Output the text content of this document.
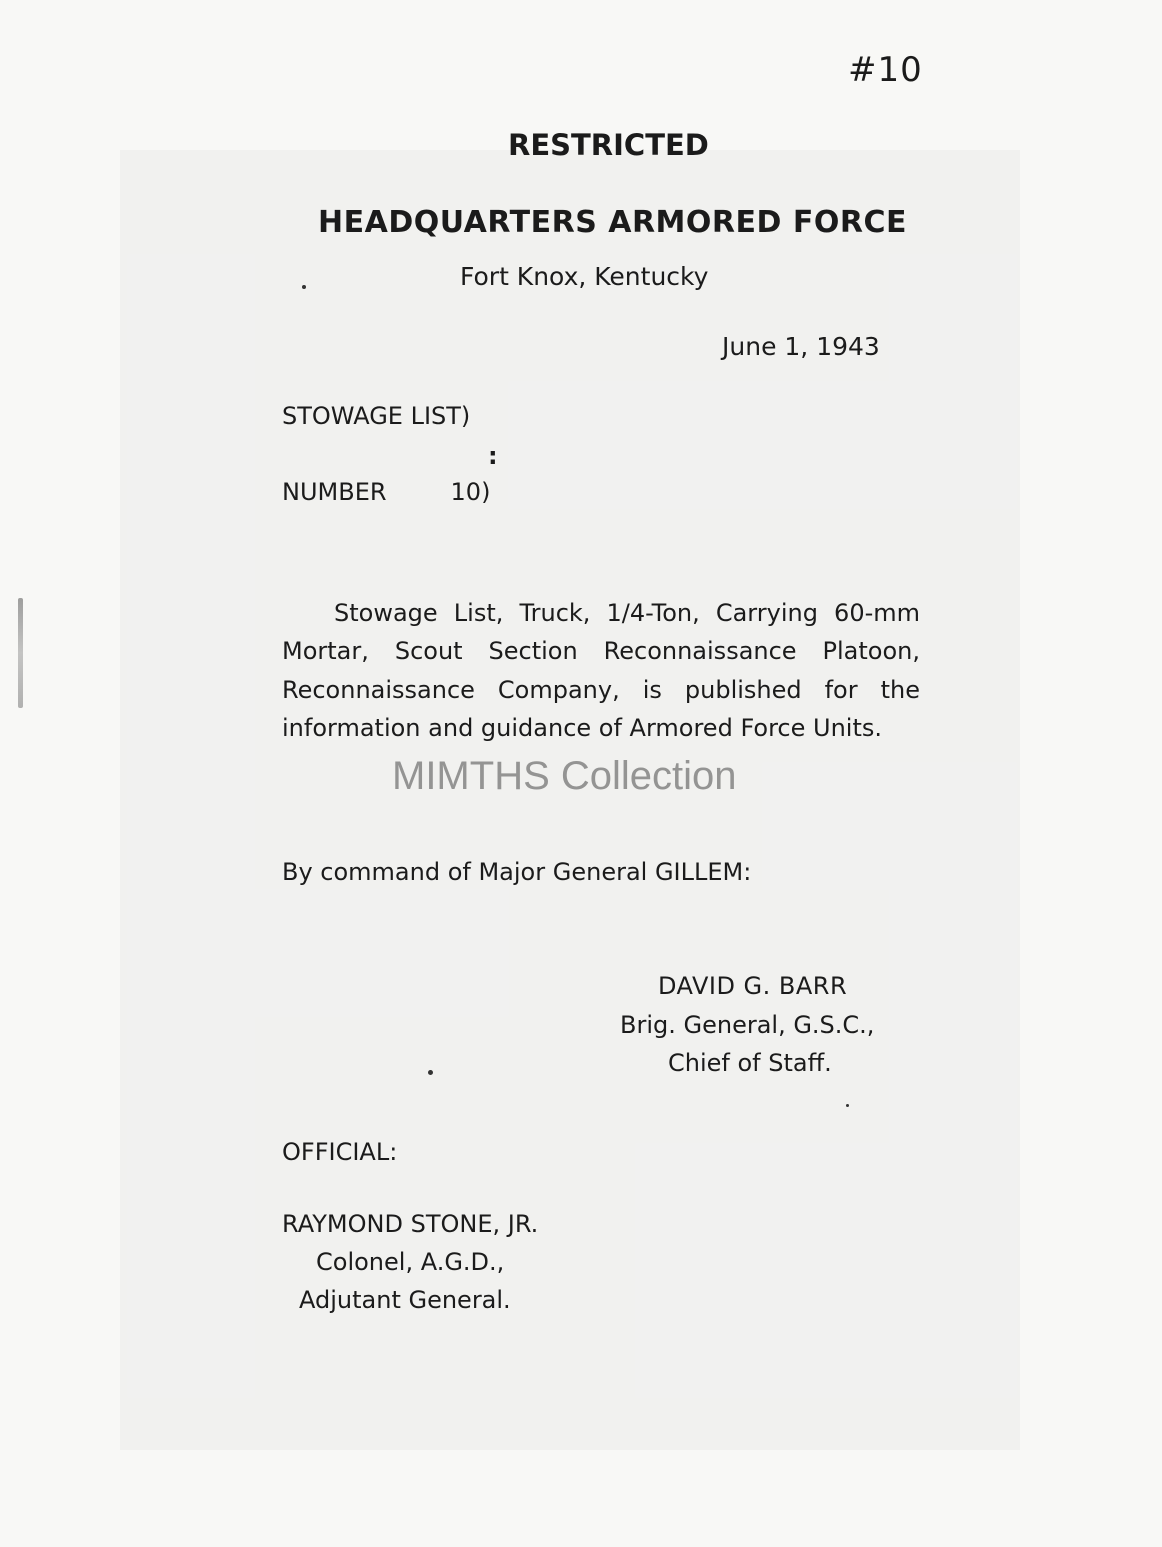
#10
RESTRICTED
HEADQUARTERS ARMORED FORCE
Fort Knox, Kentucky
June 1, 1943
STOWAGE LIST)
:
NUMBER	10)
Stowage List, Truck, 1/4-Ton, Carrying 60-mm Mortar, Scout Section Reconnaissance Platoon, Reconnaissance Company, is published for the information and guidance of Armored Force Units.
MIMTHS Collection
By command of Major General GILLEM:
DAVID G. BARR
Brig. General, G.S.C.,
Chief of Staff.
OFFICIAL:
RAYMOND STONE, JR.
Colonel, A.G.D.,
Adjutant General.
